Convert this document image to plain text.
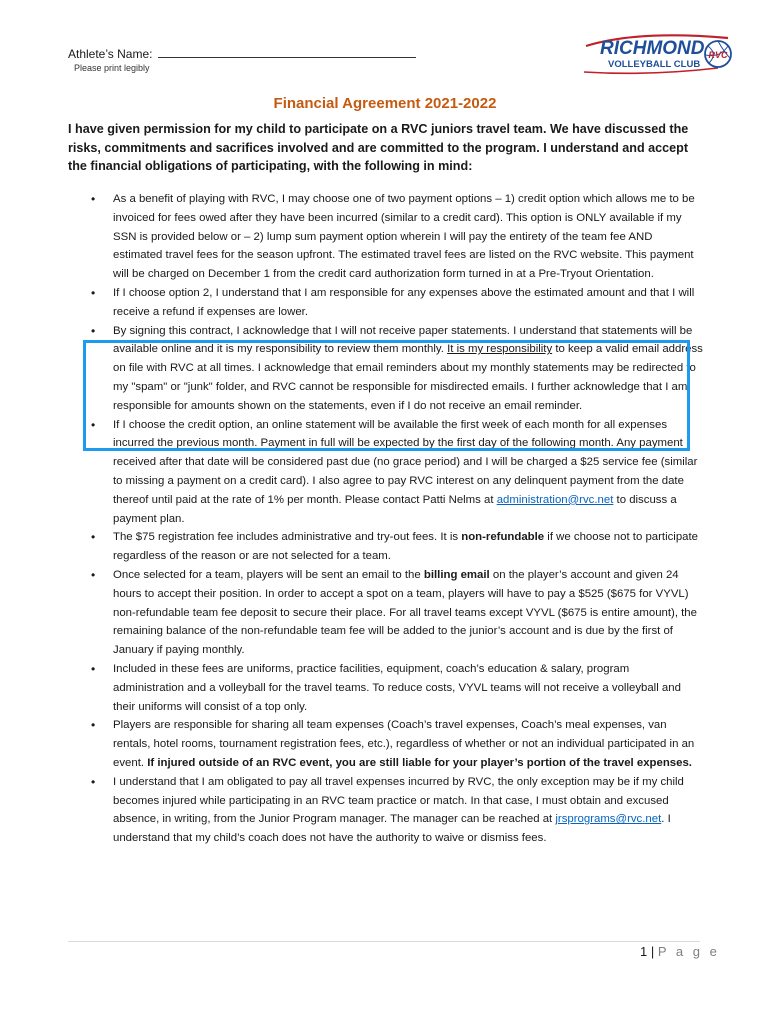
Athlete’s Name:
Please print legibly
RICHMOND
VOLLEYBALL CLUB
RVC
Financial Agreement 2021-2022
I have given permission for my child to participate on a RVC juniors travel team. We have discussed the risks, commitments and sacrifices involved and are committed to the program. I understand and accept the financial obligations of participating, with the following in mind:
• As a benefit of playing with RVC, I may choose one of two payment options – 1) credit option which allows me to be invoiced for fees owed after they have been incurred (similar to a credit card). This option is ONLY available if my SSN is provided below or – 2) lump sum payment option wherein I will pay the entirety of the team fee AND estimated travel fees for the season upfront. The estimated travel fees are listed on the RVC website. This payment will be charged on December 1 from the credit card authorization form turned in at a Pre-Tryout Orientation.
• If I choose option 2, I understand that I am responsible for any expenses above the estimated amount and that I will receive a refund if expenses are lower.
• By signing this contract, I acknowledge that I will not receive paper statements. I understand that statements will be available online and it is my responsibility to review them monthly. It is my responsibility to keep a valid email address on file with RVC at all times. I acknowledge that email reminders about my monthly statements may be redirected to my "spam" or "junk" folder, and RVC cannot be responsible for misdirected emails. I further acknowledge that I am responsible for amounts shown on the statements, even if I do not receive an email reminder.
• If I choose the credit option, an online statement will be available the first week of each month for all expenses incurred the previous month. Payment in full will be expected by the first day of the following month. Any payment received after that date will be considered past due (no grace period) and I will be charged a $25 service fee (similar to missing a payment on a credit card). I also agree to pay RVC interest on any delinquent payment from the date thereof until paid at the rate of 1% per month. Please contact Patti Nelms at administration@rvc.net to discuss a payment plan.
• The $75 registration fee includes administrative and try-out fees. It is non-refundable if we choose not to participate regardless of the reason or are not selected for a team.
• Once selected for a team, players will be sent an email to the billing email on the player’s account and given 24 hours to accept their position. In order to accept a spot on a team, players will have to pay a $525 ($675 for VYVL) non-refundable team fee deposit to secure their place. For all travel teams except VYVL ($675 is entire amount), the remaining balance of the non-refundable team fee will be added to the junior’s account and is due by the first of January if paying monthly.
• Included in these fees are uniforms, practice facilities, equipment, coach’s education & salary, program administration and a volleyball for the travel teams. To reduce costs, VYVL teams will not receive a volleyball and their uniforms will consist of a top only.
• Players are responsible for sharing all team expenses (Coach’s travel expenses, Coach’s meal expenses, van rentals, hotel rooms, tournament registration fees, etc.), regardless of whether or not an individual participated in an event. If injured outside of an RVC event, you are still liable for your player’s portion of the travel expenses.
• I understand that I am obligated to pay all travel expenses incurred by RVC, the only exception may be if my child becomes injured while participating in an RVC team practice or match. In that case, I must obtain and excused absence, in writing, from the Junior Program manager. The manager can be reached at jrsprograms@rvc.net. I understand that my child’s coach does not have the authority to waive or dismiss fees.
1 | P a g e
